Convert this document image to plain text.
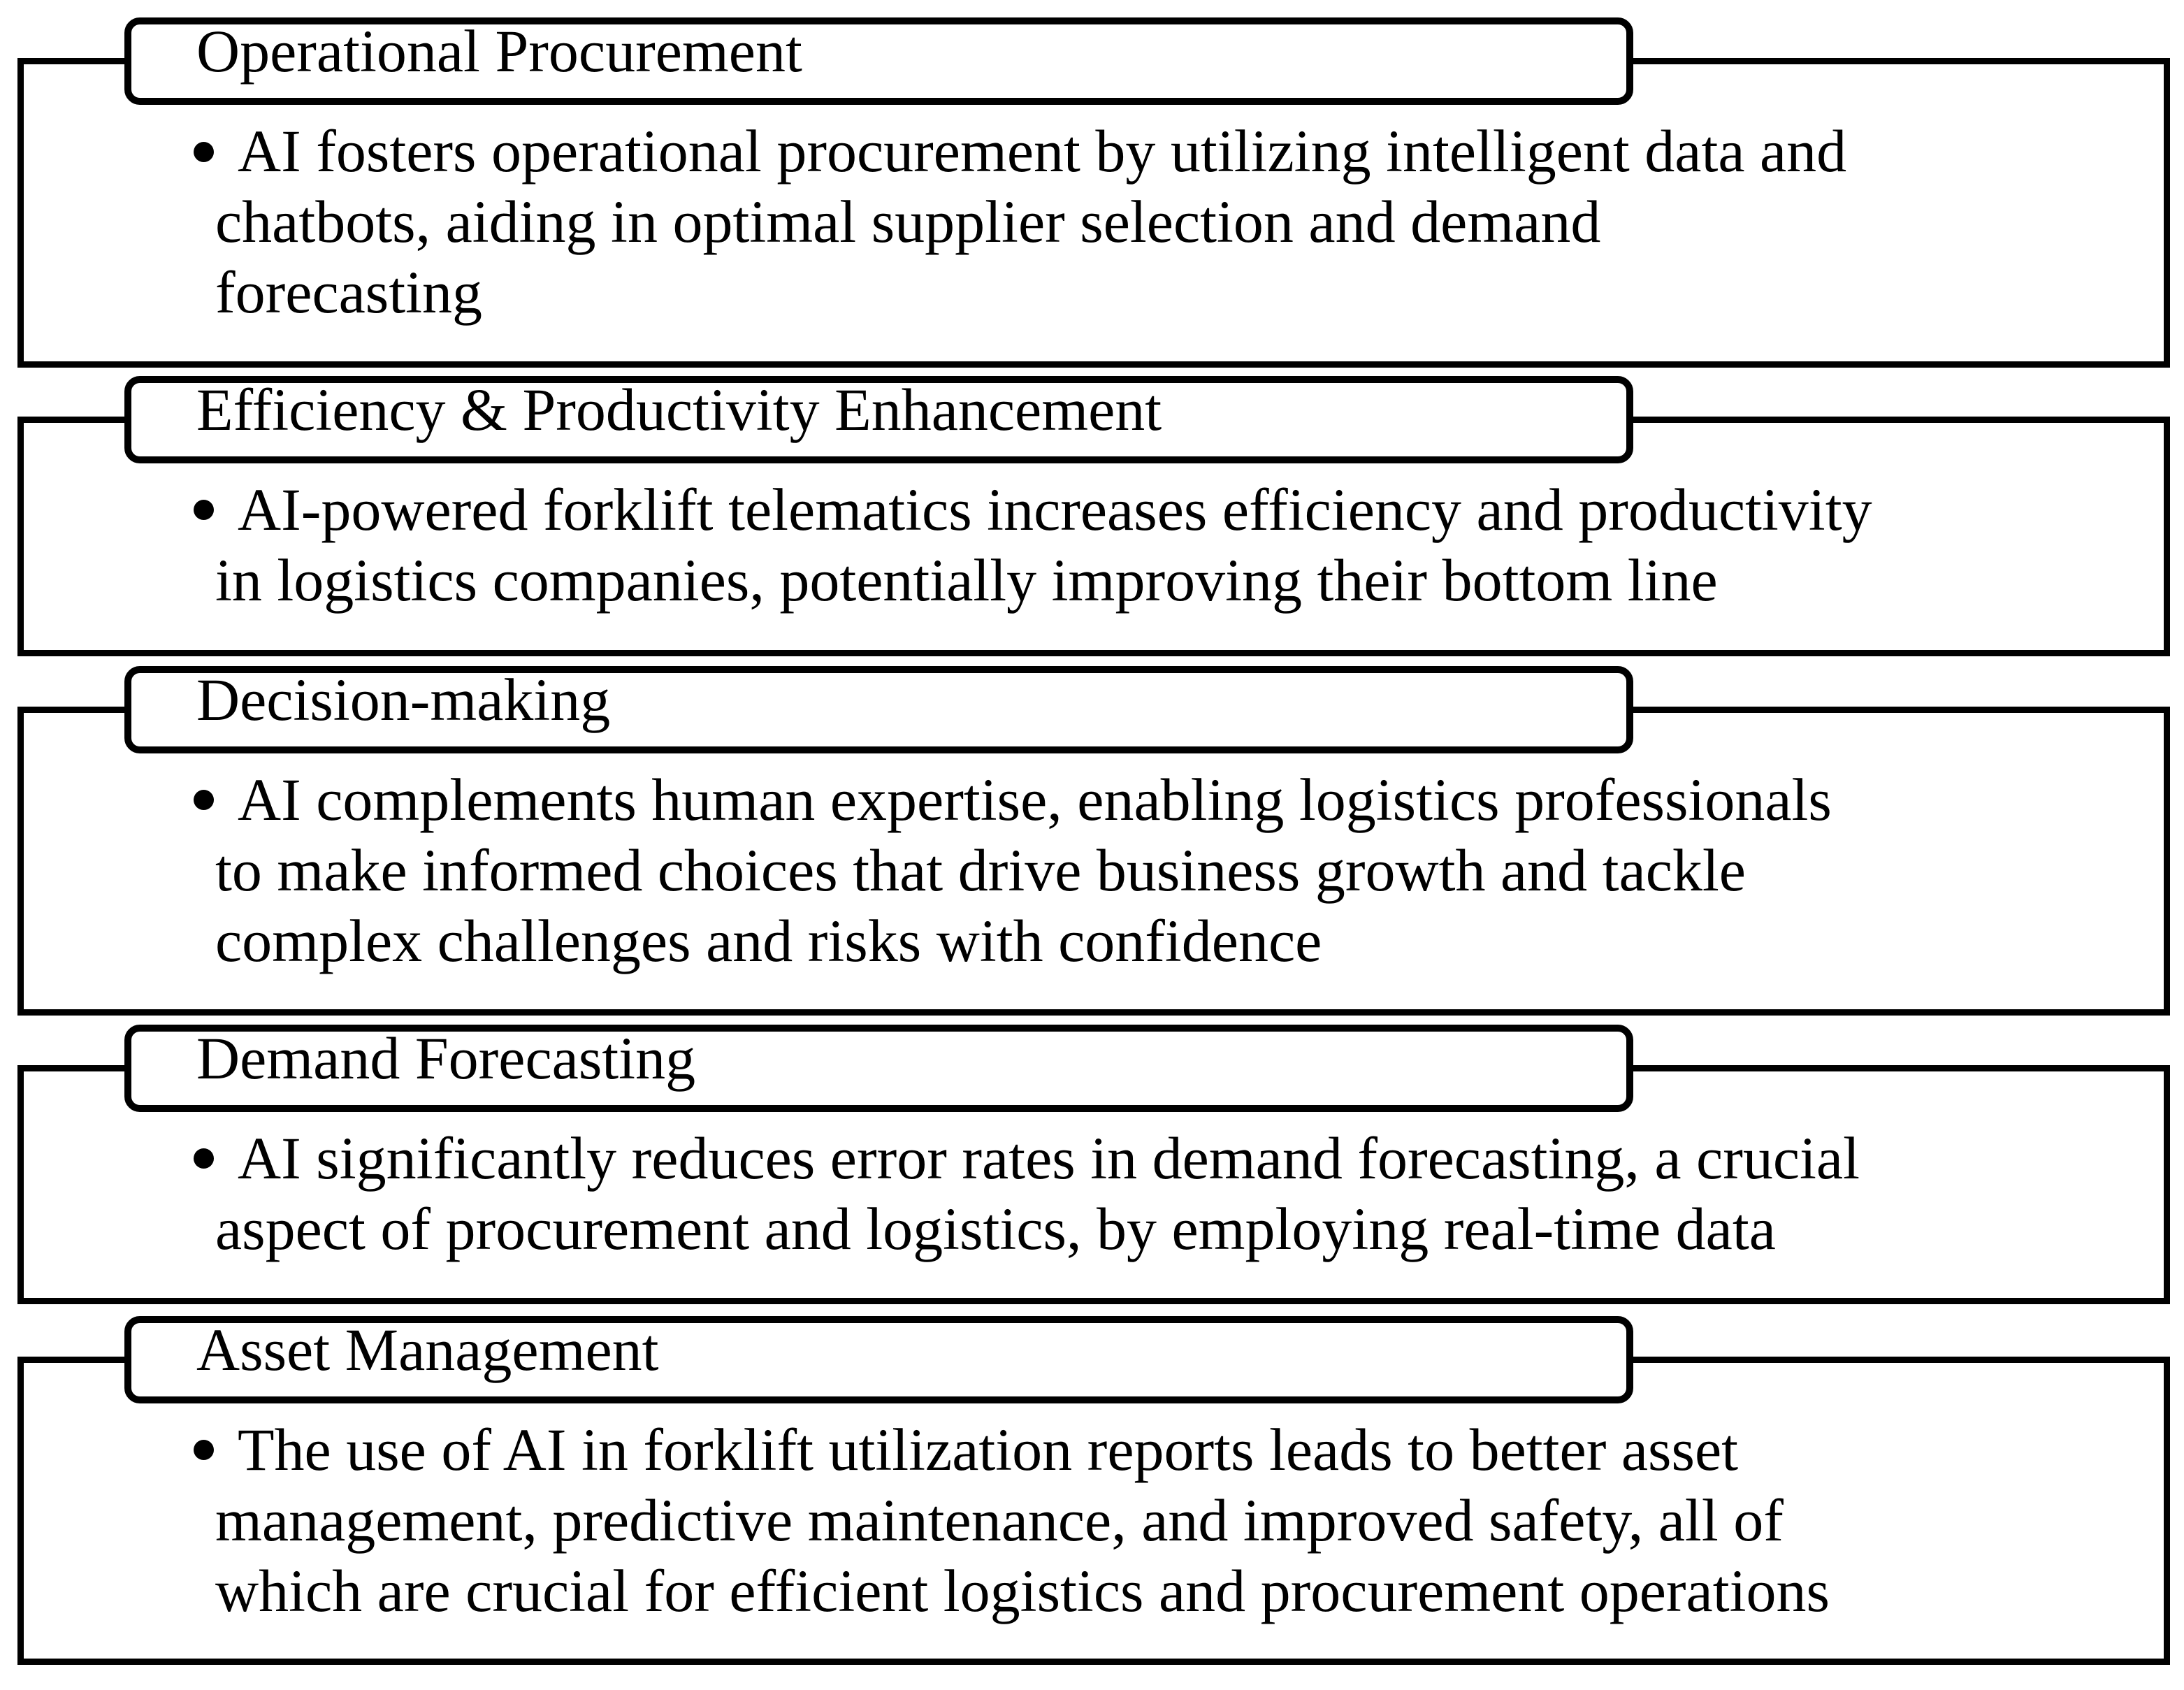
Operational Procurement
AI fosters operational procurement by utilizing intelligent data and
chatbots, aiding in optimal supplier selection and demand
forecasting
Efficiency & Productivity Enhancement
AI-powered forklift telematics increases efficiency and productivity
in logistics companies, potentially improving their bottom line
Decision-making
AI complements human expertise, enabling logistics professionals
to make informed choices that drive business growth and tackle
complex challenges and risks with confidence
Demand Forecasting
AI significantly reduces error rates in demand forecasting, a crucial
aspect of procurement and logistics, by employing real-time data
Asset Management
The use of AI in forklift utilization reports leads to better asset
management, predictive maintenance, and improved safety, all of
which are crucial for efficient logistics and procurement operations
